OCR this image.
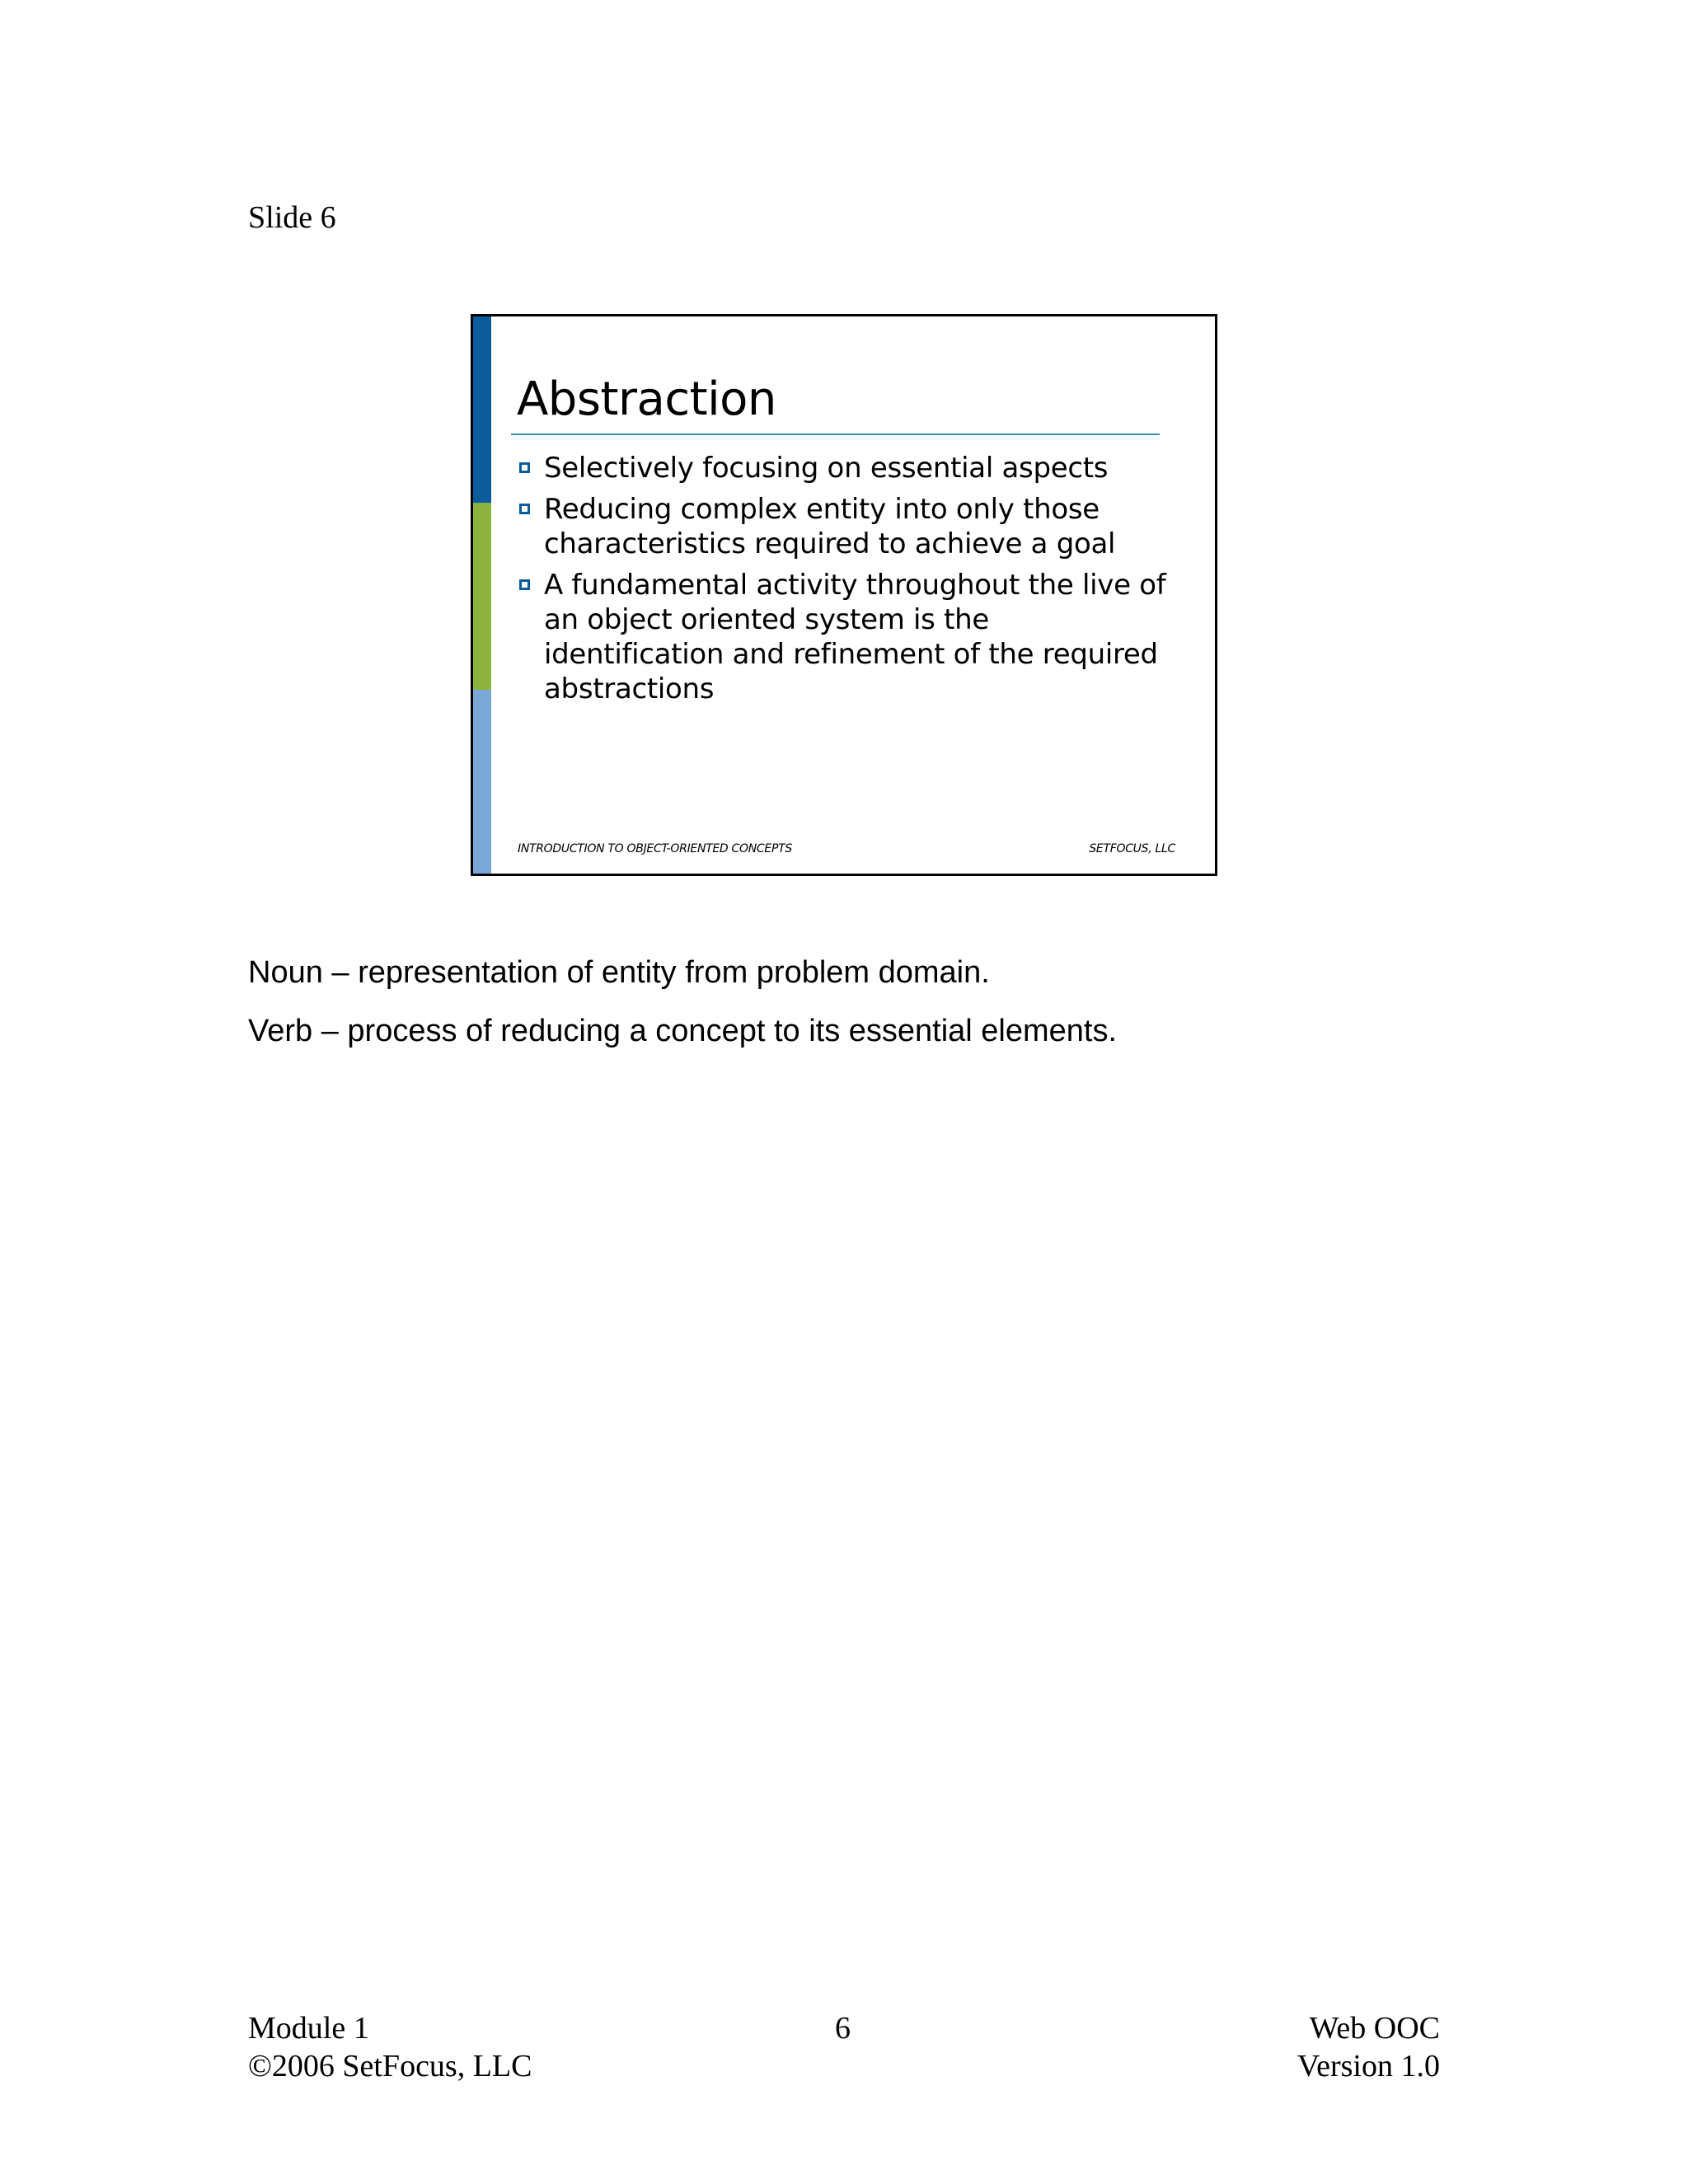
Slide 6
Abstraction
Selectively focusing on essential aspects
Reducing complex entity into only those characteristics required to achieve a goal
A fundamental activity throughout the live of an object oriented system is the identification and refinement of the required abstractions
INTRODUCTION TO OBJECT-ORIENTED CONCEPTS	SETFOCUS, LLC
Noun – representation of entity from problem domain.
Verb – process of reducing a concept to its essential elements.
Module 1
©2006 SetFocus, LLC
6	Web OOC
Version 1.0
